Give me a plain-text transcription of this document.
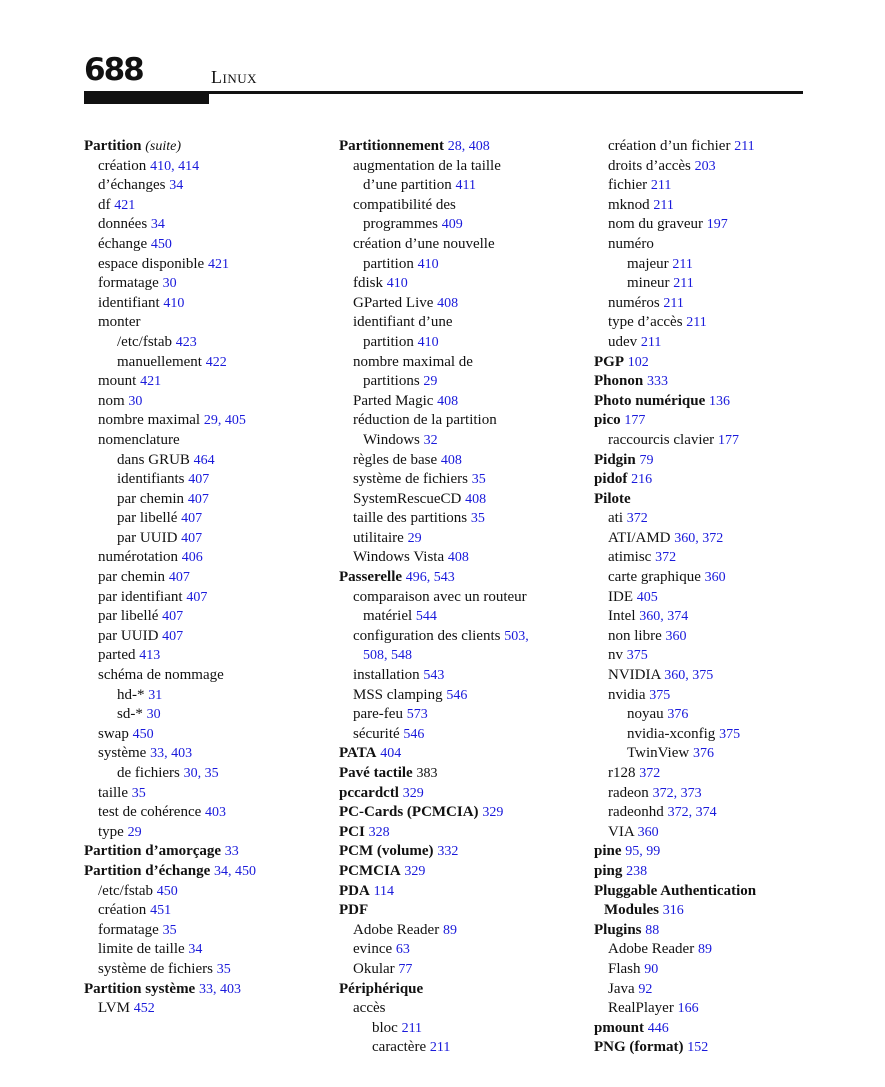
688	Linux
Partition (suite)
création 410, 414
d’échanges 34
df 421
données 34
échange 450
espace disponible 421
formatage 30
identifiant 410
monter
/etc/fstab 423
manuellement 422
mount 421
nom 30
nombre maximal 29, 405
nomenclature
dans GRUB 464
identifiants 407
par chemin 407
par libellé 407
par UUID 407
numérotation 406
par chemin 407
par identifiant 407
par libellé 407
par UUID 407
parted 413
schéma de nommage
hd-* 31
sd-* 30
swap 450
système 33, 403
de fichiers 30, 35
taille 35
test de cohérence 403
type 29
Partition d’amorçage 33
Partition d’échange 34, 450
/etc/fstab 450
création 451
formatage 35
limite de taille 34
système de fichiers 35
Partition système 33, 403
LVM 452
Partitionnement 28, 408
augmentation de la taille
d’une partition 411
compatibilité des
programmes 409
création d’une nouvelle
partition 410
fdisk 410
GParted Live 408
identifiant d’une
partition 410
nombre maximal de
partitions 29
Parted Magic 408
réduction de la partition
Windows 32
règles de base 408
système de fichiers 35
SystemRescueCD 408
taille des partitions 35
utilitaire 29
Windows Vista 408
Passerelle 496, 543
comparaison avec un routeur
matériel 544
configuration des clients 503,
508, 548
installation 543
MSS clamping 546
pare-feu 573
sécurité 546
PATA 404
Pavé tactile 383
pccardctl 329
PC-Cards (PCMCIA) 329
PCI 328
PCM (volume) 332
PCMCIA 329
PDA 114
PDF
Adobe Reader 89
evince 63
Okular 77
Périphérique
accès
bloc 211
caractère 211
création d’un fichier 211
droits d’accès 203
fichier 211
mknod 211
nom du graveur 197
numéro
majeur 211
mineur 211
numéros 211
type d’accès 211
udev 211
PGP 102
Phonon 333
Photo numérique 136
pico 177
raccourcis clavier 177
Pidgin 79
pidof 216
Pilote
ati 372
ATI/AMD 360, 372
atimisc 372
carte graphique 360
IDE 405
Intel 360, 374
non libre 360
nv 375
NVIDIA 360, 375
nvidia 375
noyau 376
nvidia-xconfig 375
TwinView 376
r128 372
radeon 372, 373
radeonhd 372, 374
VIA 360
pine 95, 99
ping 238
Pluggable Authentication
Modules 316
Plugins 88
Adobe Reader 89
Flash 90
Java 92
RealPlayer 166
pmount 446
PNG (format) 152
